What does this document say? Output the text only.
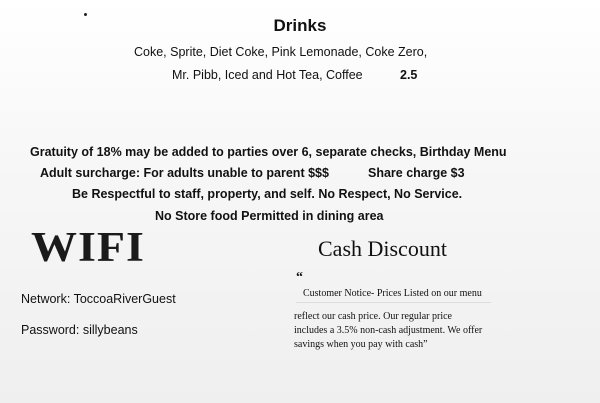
Drinks
Coke, Sprite, Diet Coke, Pink Lemonade, Coke Zero,
Mr. Pibb, Iced and Hot Tea, Coffee	2.5
Gratuity of 18% may be added to parties over 6, separate checks, Birthday Menu
Adult surcharge: For adults unable to parent $$$	Share charge $3
Be Respectful to staff, property, and self. No Respect, No Service.
No Store food Permitted in dining area
WIFI
Network: ToccoaRiverGuest
Password: sillybeans
Cash Discount
“
Customer Notice- Prices Listed on our menu
reflect our cash price. Our regular price
includes a 3.5% non-cash adjustment. We offer
savings when you pay with cash”
